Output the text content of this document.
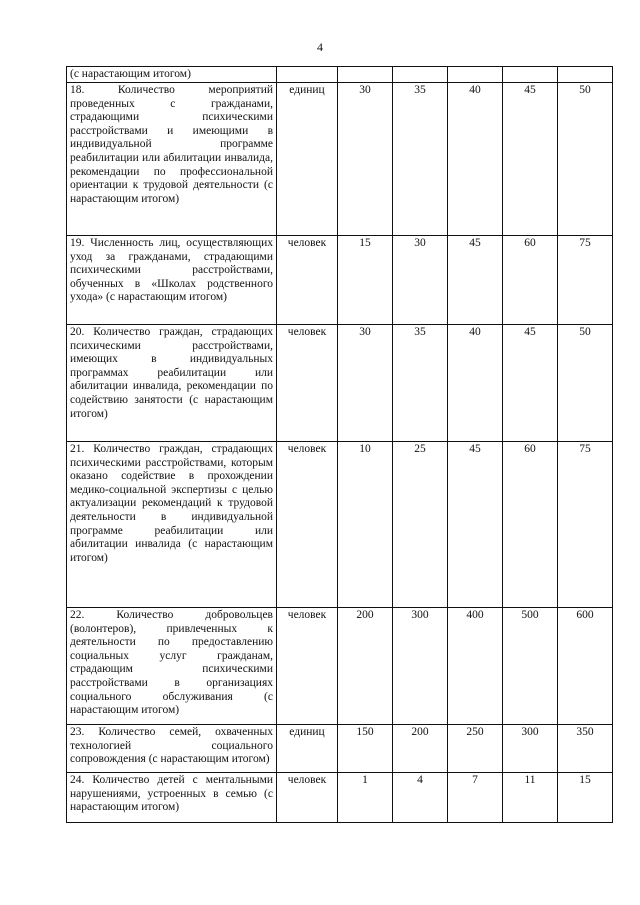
4
(с нарастающим итогом)						
18. Количество мероприятий проведенных с гражданами, страдающими психическими расстройствами и имеющими в индивидуальной программе реабилитации или абилитации инвалида, рекомендации по профессиональной ориентации к трудовой деятельности (с нарастающим итогом)	единиц	30	35	40	45	50
19. Численность лиц, осуществляющих уход за гражданами, страдающими психическими расстройствами, обученных в «Школах родственного ухода» (с нарастающим итогом)	человек	15	30	45	60	75
20. Количество граждан, страдающих психическими расстройствами, имеющих в индивидуальных программах реабилитации или абилитации инвалида, рекомендации по содействию занятости (с нарастающим итогом)	человек	30	35	40	45	50
21. Количество граждан, страдающих психическими расстройствами, которым оказано содействие в прохождении медико-социальной экспертизы с целью актуализации рекомендаций к трудовой деятельности в индивидуальной программе реабилитации или абилитации инвалида (с нарастающим итогом)	человек	10	25	45	60	75
22. Количество добровольцев (волонтеров), привлеченных к деятельности по предоставлению социальных услуг гражданам, страдающим психическими расстройствами в организациях социального обслуживания (с нарастающим итогом)	человек	200	300	400	500	600
23. Количество семей, охваченных технологией социального сопровождения (с нарастающим итогом)	единиц	150	200	250	300	350
24. Количество детей с ментальными нарушениями, устроенных в семью (с нарастающим итогом)	человек	1	4	7	11	15
